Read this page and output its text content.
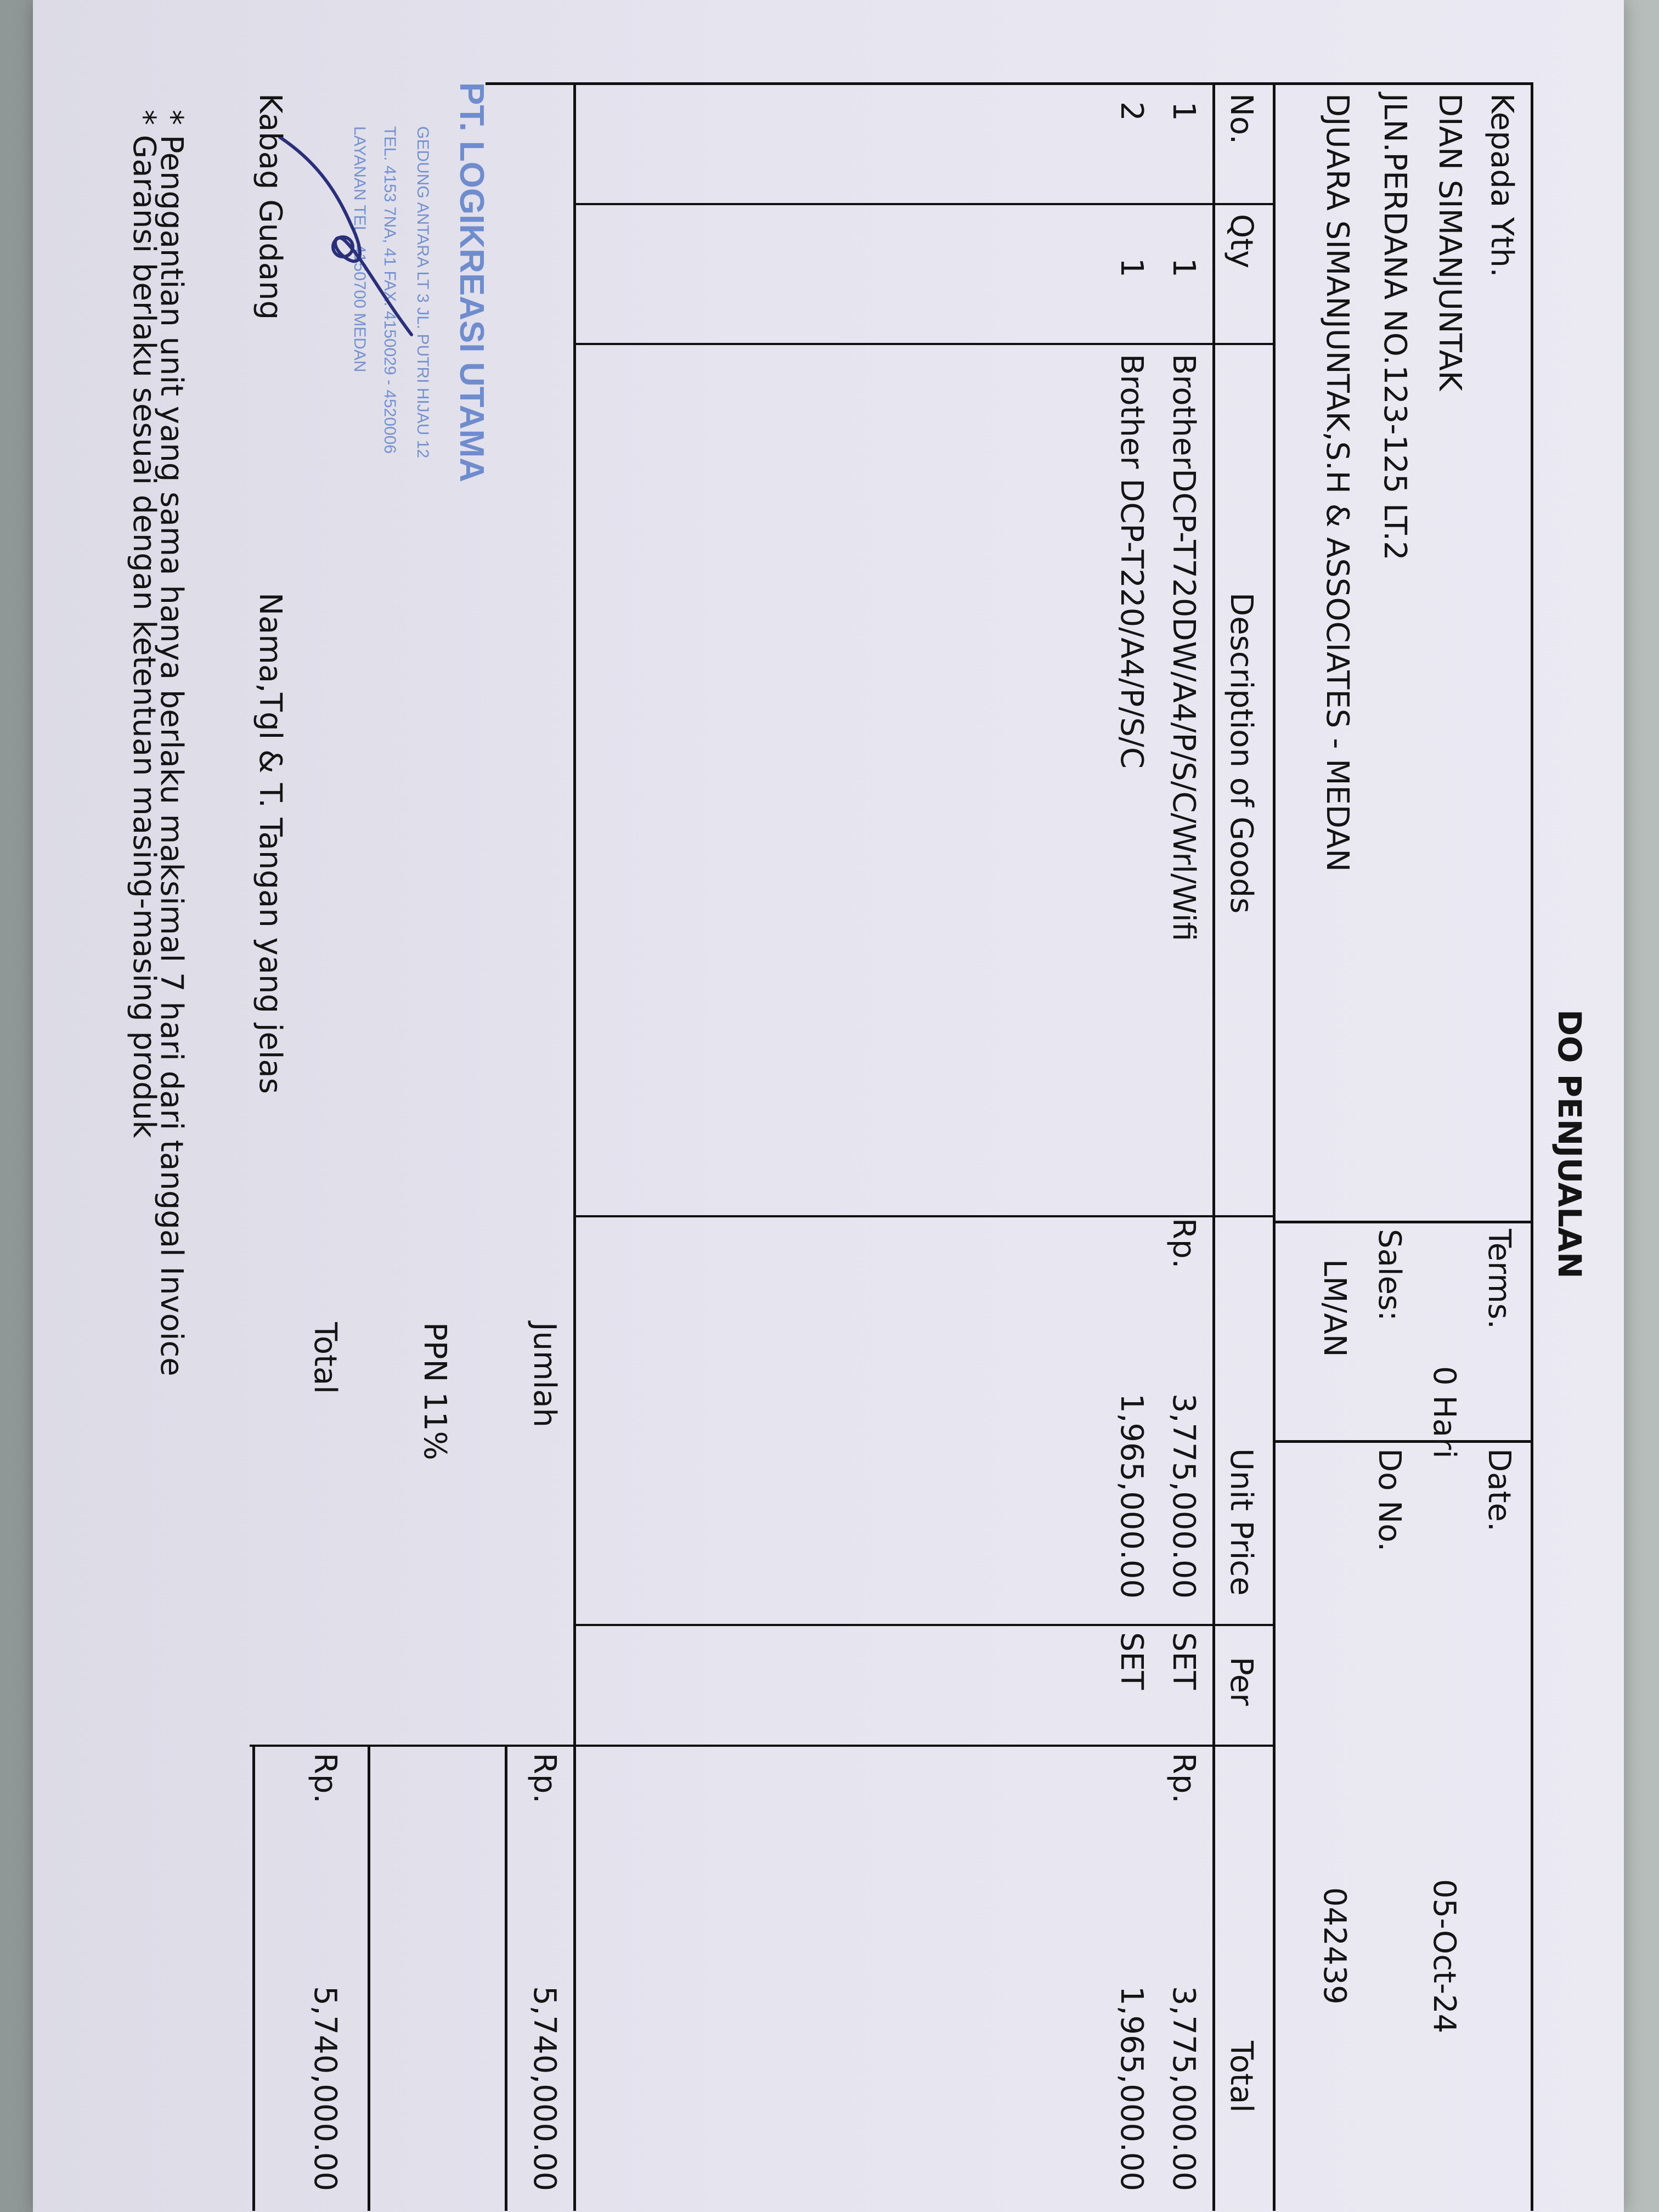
DO PENJUALAN
Kepada Yth.
DIAN SIMANJUNTAK
JLN.PERDANA NO.123-125 LT.2
DJUARA SIMANJUNTAK,S.H & ASSOCIATES - MEDAN
Terms.
0 Hari
Sales:
LM/AN
Date.
05-Oct-24
Do No.
042439
No.
Qty
Description of Goods
Unit Price
Per
Total
1
1
BrotherDCP-T720DW/A4/P/S/C/Wrl/Wifi
Rp.
3,775,000.00
SET
Rp.
3,775,000.00
2
1
Brother DCP-T220/A4/P/S/C
1,965,000.00
SET
1,965,000.00
Jumlah
Rp.
5,740,000.00
PPN 11%
Total
Rp.
5,740,000.00
PT. LOGIKREASI UTAMA
GEDUNG ANTARA LT 3 JL. PUTRI HIJAU 12
TEL. 4153 7NA, 41 FAX. 4150029 - 4520006
LAYANAN TEL. 4150700 MEDAN
Kabag Gudang
Nama,Tgl & T. Tangan yang jelas
* Penggantian unit yang sama hanya berlaku maksimal 7 hari dari tanggal Invoice
* Garansi berlaku sesuai dengan ketentuan masing-masing produk
